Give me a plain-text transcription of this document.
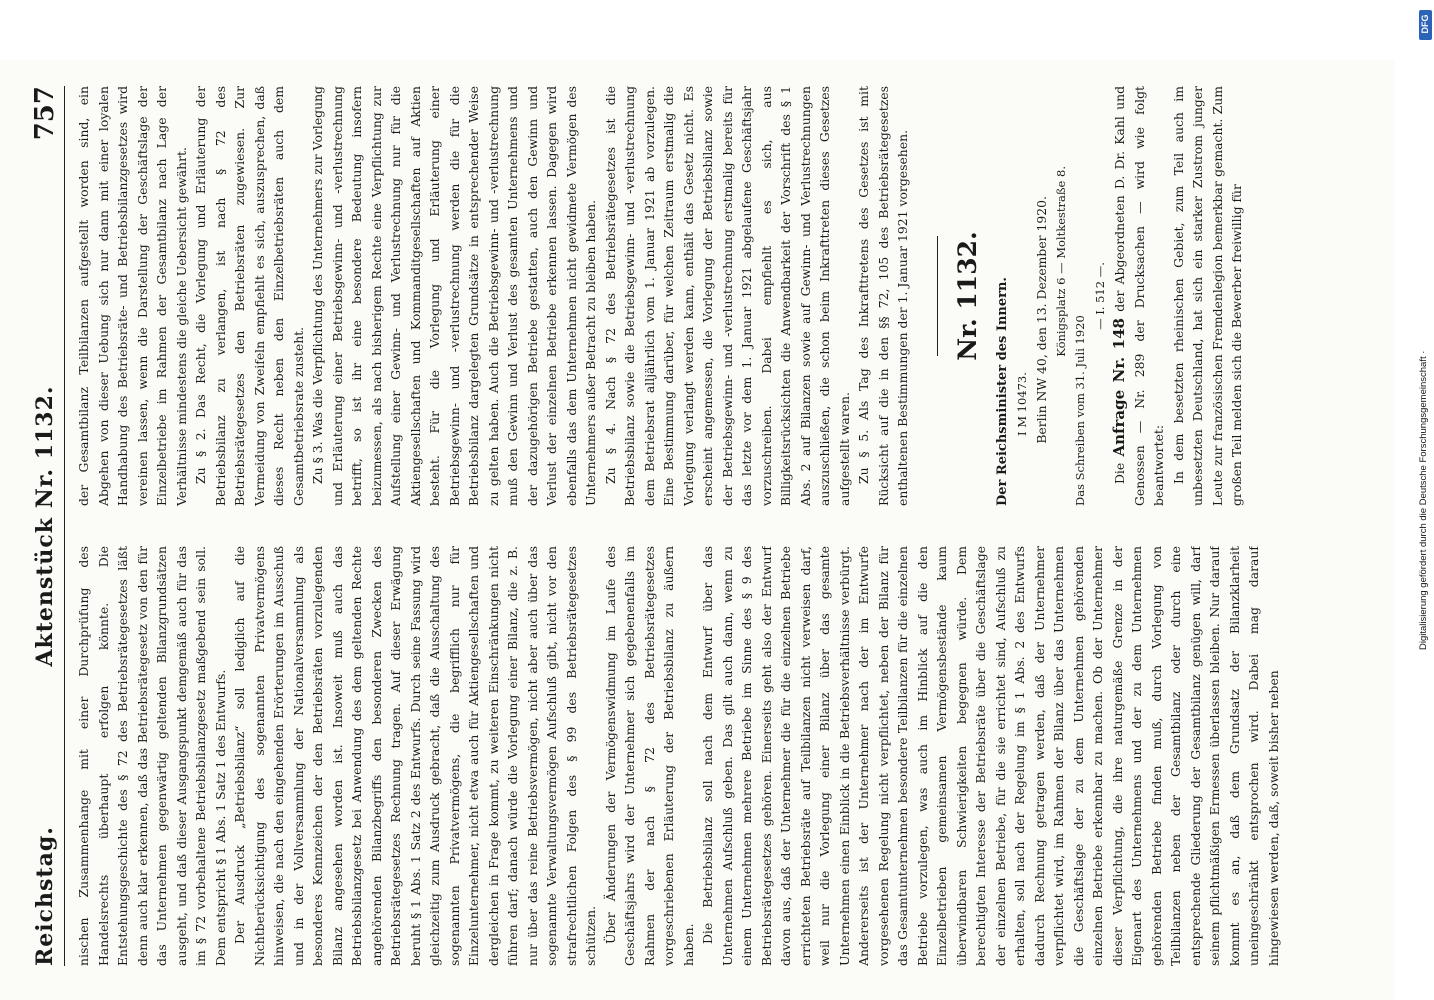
Reichstag.
Aktenstück Nr. 1132.
757

nischen Zusammenhange mit einer Durchprüfung des Handelsrechts überhaupt erfolgen könnte. Die Entstehungsgeschichte des § 72 des Betriebsrätegesetzes läßt denn auch klar erkennen, daß das Betriebsrätegesetz von den für das Unternehmen gegenwärtig geltenden Bilanzgrundsätzen ausgeht, und daß dieser Ausgangspunkt demgemäß auch für das im § 72 vorbehaltene Betriebsbilanzgesetz maßgebend sein soll. Dem entspricht § 1 Abs. 1 Satz 1 des Entwurfs. Der Ausdruck „Betriebsbilanz“ soll lediglich auf die Nichtberücksichtigung des sogenannten Privatvermögens hinweisen, die nach den eingehenden Erörterungen im Ausschuß und in der Vollversammlung der Nationalversammlung als besonderes Kennzeichen der den Betriebsräten vorzulegenden Bilanz angesehen worden ist. Insoweit muß auch das Betriebsbilanzgesetz bei Anwendung des dem geltenden Rechte angehörenden Bilanzbegriffs den besonderen Zwecken des Betriebsrätegesetzes Rechnung tragen. Auf dieser Erwägung beruht § 1 Abs. 1 Satz 2 des Entwurfs. Durch seine Fassung wird gleichzeitig zum Ausdruck gebracht, daß die Ausschaltung des sogenannten Privatvermögens, die begrifflich nur für Einzelunternehmer, nicht etwa auch für Aktiengesellschaften und dergleichen in Frage kommt, zu weiteren Einschränkungen nicht führen darf; danach würde die Vorlegung einer Bilanz, die z. B. nur über das reine Betriebsvermögen, nicht aber auch über das sogenannte Verwaltungsvermögen Aufschluß gibt, nicht vor den strafrechtlichen Folgen des § 99 des Betriebsrätegesetzes schützen. Über Änderungen der Vermögenswidmung im Laufe des Geschäftsjahrs wird der Unternehmer sich gegebenenfalls im Rahmen der nach § 72 des Betriebsrätegesetzes vorgeschriebenen Erläuterung der Betriebsbilanz zu äußern haben.

Die Betriebsbilanz soll nach dem Entwurf über das Unternehmen Aufschluß geben. Das gilt auch dann, wenn zu einem Unternehmen mehrere Betriebe im Sinne des § 9 des Betriebsrätegesetzes gehören. Einerseits geht also der Entwurf davon aus, daß der Unternehmer die für die einzelnen Betriebe errichteten Betriebsräte auf Teilbilanzen nicht verweisen darf, weil nur die Vorlegung einer Bilanz über das gesamte Unternehmen einen Einblick in die Betriebsverhältnisse verbürgt. Andererseits ist der Unternehmer nach der im Entwurfe vorgesehenen Regelung nicht verpflichtet, neben der Bilanz für das Gesamtunternehmen besondere Teilbilanzen für die einzelnen Betriebe vorzulegen, was auch im Hinblick auf die den Einzelbetrieben gemeinsamen Vermögensbestände kaum überwindbaren Schwierigkeiten begegnen würde. Dem berechtigten Interesse der Betriebsräte über die Geschäftslage der einzelnen Betriebe, für die sie errichtet sind, Aufschluß zu erhalten, soll nach der Regelung im § 1 Abs. 2 des Entwurfs dadurch Rechnung getragen werden, daß der Unternehmer verpflichtet wird, im Rahmen der Bilanz über das Unternehmen die Geschäftslage der zu dem Unternehmen gehörenden einzelnen Betriebe erkennbar zu machen. Ob der Unternehmer dieser Verpflichtung, die ihre naturgemäße Grenze in der Eigenart des Unternehmens und der zu dem Unternehmen gehörenden Betriebe finden muß, durch Vorlegung von Teilbilanzen neben der Gesamtbilanz oder durch eine entsprechende Gliederung der Gesamtbilanz genügen will, darf seinem pflichtmäßigen Ermessen überlassen bleiben. Nur darauf kommt es an, daß dem Grundsatz der Bilanzklarheit uneingeschränkt entsprochen wird. Dabei mag darauf hingewiesen werden, daß, soweit bisher neben

der Gesamtbilanz Teilbilanzen aufgestellt worden sind, ein Abgehen von dieser Uebung sich nur dann mit einer loyalen Handhabung des Betriebsräte- und Betriebsbilanzgesetzes wird vereinen lassen, wenn die Darstellung der Geschäftslage der Einzelbetriebe im Rahmen der Gesamtbilanz nach Lage der Verhältnisse mindestens die gleiche Uebersicht gewährt. Zu § 2. Das Recht, die Vorlegung und Erläuterung der Betriebsbilanz zu verlangen, ist nach § 72 des Betriebsrätegesetzes den Betriebsräten zugewiesen. Zur Vermeidung von Zweifeln empfiehlt es sich, auszusprechen, daß dieses Recht neben den Einzelbetriebsräten auch dem Gesamtbetriebsrate zusteht. Zu § 3. Was die Verpflichtung des Unternehmers zur Vorlegung und Erläuterung einer Betriebsgewinn- und -verlustrechnung betrifft, so ist ihr eine besondere Bedeutung insofern beizumessen, als nach bisherigem Rechte eine Verpflichtung zur Aufstellung einer Gewinn- und Verlustrechnung nur für die Aktiengesellschaften und Kommanditgesellschaften auf Aktien besteht. Für die Vorlegung und Erläuterung einer Betriebsgewinn- und -verlustrechnung werden die für die Betriebsbilanz dargelegten Grundsätze in entsprechender Weise zu gelten haben. Auch die Betriebsgewinn- und -verlustrechnung muß den Gewinn und Verlust des gesamten Unternehmens und der dazugehörigen Betriebe gestatten, auch den Gewinn und Verlust der einzelnen Betriebe erkennen lassen. Dagegen wird ebenfalls das dem Unternehmen nicht gewidmete Vermögen des Unternehmers außer Betracht zu bleiben haben. Zu § 4. Nach § 72 des Betriebsrätegesetzes ist die Betriebsbilanz sowie die Betriebsgewinn- und -verlustrechnung dem Betriebsrat alljährlich vom 1. Januar 1921 ab vorzulegen. Eine Bestimmung darüber, für welchen Zeitraum erstmalig die Vorlegung verlangt werden kann, enthält das Gesetz nicht. Es erscheint angemessen, die Vorlegung der Betriebsbilanz sowie der Betriebsgewinn- und -verlustrechnung erstmalig bereits für das letzte vor dem 1. Januar 1921 abgelaufene Geschäftsjahr vorzuschreiben. Dabei empfiehlt es sich, aus Billigkeitsrücksichten die Anwendbarkeit der Vorschrift des § 1 Abs. 2 auf Bilanzen sowie auf Gewinn- und Verlustrechnungen auszuschließen, die schon beim Inkrafttreten dieses Gesetzes aufgestellt waren. Zu § 5. Als Tag des Inkrafttretens des Gesetzes ist mit Rücksicht auf die in den §§ 72, 105 des Betriebsrätegesetzes enthaltenen Bestimmungen der 1. Januar 1921 vorgesehen. Nr. 1132. Der Reichsminister des Innern. I M 10473. Berlin NW 40, den 13. Dezember 1920. Königsplatz 6 — Moltkestraße 8.

Das Schreiben vom 31. Juli 1920

— I. 512 —.

Die Anfrage Nr. 148 der Abgeordneten D. Dr. Kahl und Genossen — Nr. 289 der Drucksachen — wird wie folgt beantwortet: In dem besetzten rheinischen Gebiet, zum Teil auch im unbesetzten Deutschland, hat sich ein starker Zustrom junger Leute zur französischen Fremdenlegion bemerkbar gemacht. Zum großen Teil melden sich die Bewerber freiwillig für	Digitalisierung gefördert durch die Deutsche Forschungsgemeinschaft ·
DFG
